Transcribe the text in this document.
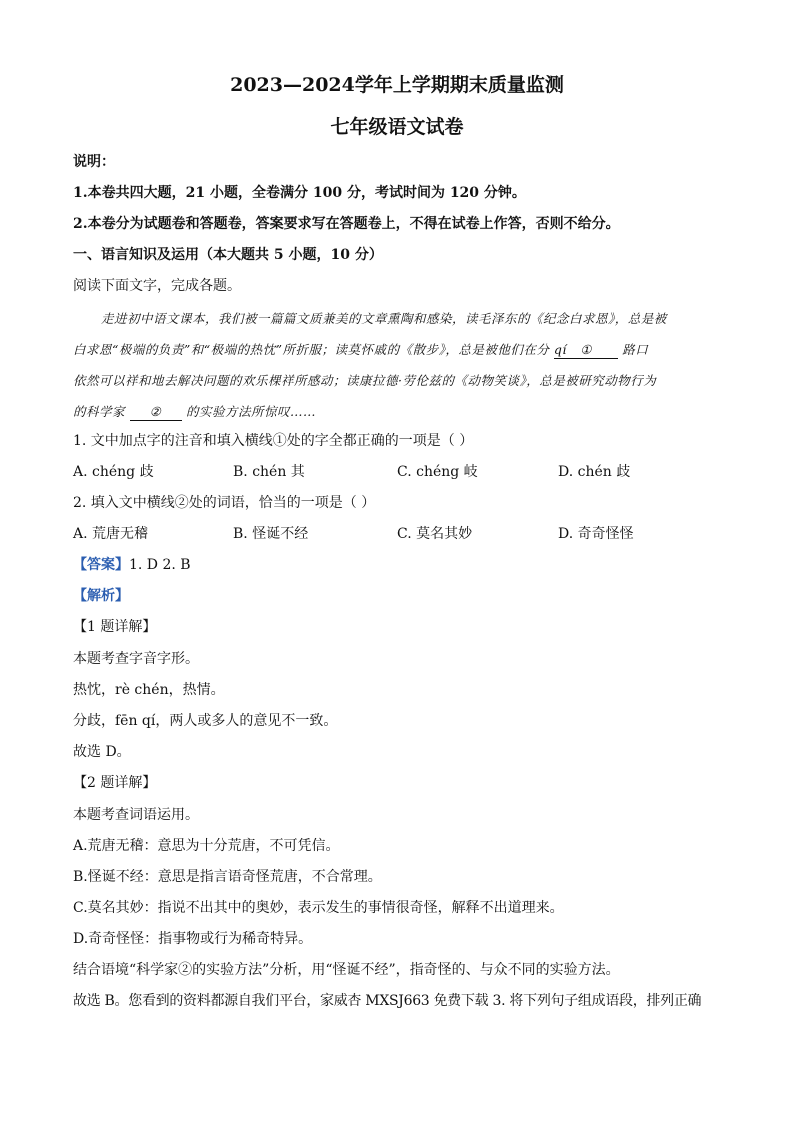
2023—2024学年上学期期末质量监测
七年级语文试卷
说明：
1.本卷共四大题，21 小题，全卷满分 100 分，考试时间为 120 分钟。
2.本卷分为试题卷和答题卷，答案要求写在答题卷上，不得在试卷上作答，否则不给分。
一、语言知识及运用（本大题共 5 小题，10 分）
阅读下面文字，完成各题。
走进初中语文课本，我们被一篇篇文质兼美的文章熏陶和感染，读毛泽东的《纪念白求恩》，总是被
白求恩“极端的负责”和“极端的热忱”所折服；读莫怀戚的《散步》，总是被他们在分 qí ① 路口
依然可以祥和地去解决问题的欢乐棵祥所感动；读康拉德·劳伦兹的《动物笑谈》，总是被研究动物行为
的科学家 ② 的实验方法所惊叹……
1. 文中加点字的注音和填入横线①处的字全都正确的一项是（ ）
A. chéng 歧	B. chén 其	C. chéng 岐	D. chén 歧
2. 填入文中横线②处的词语，恰当的一项是（ ）
A. 荒唐无稽	B. 怪诞不经	C. 莫名其妙	D. 奇奇怪怪
【答案】1. D 2. B
【解析】
【1 题详解】
本题考查字音字形。
热忱，rè chén，热情。
分歧，fēn qí，两人或多人的意见不一致。
故选 D。
【2 题详解】
本题考查词语运用。
A.荒唐无稽：意思为十分荒唐，不可凭信。
B.怪诞不经：意思是指言语奇怪荒唐，不合常理。
C.莫名其妙：指说不出其中的奥妙，表示发生的事情很奇怪，解释不出道理来。
D.奇奇怪怪：指事物或行为稀奇特异。
结合语境“科学家②的实验方法”分析，用“怪诞不经”，指奇怪的、与众不同的实验方法。
故选 B。您看到的资料都源自我们平台，家威杏 MXSJ663 免费下载 3. 将下列句子组成语段，排列正确
